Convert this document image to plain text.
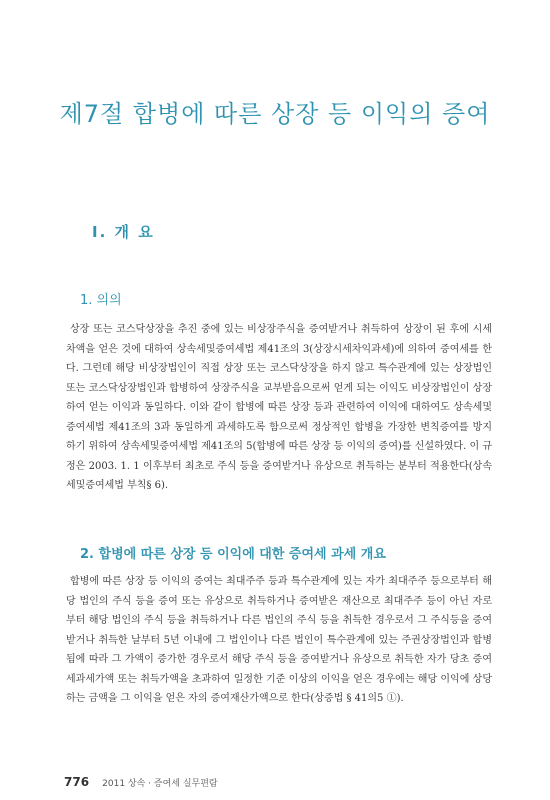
제7절 합병에 따른 상장 등 이익의 증여
Ⅰ. 개 요
1. 의의

상장 또는 코스닥상장을 추진 중에 있는 비상장주식을 증여받거나 취득하여 상장이 된 후에 시세차액을 얻은 것에 대하여 상속세및증여세법 제41조의 3(상장시세차익과세)에 의하여 증여세를 한다. 그런데 해당 비상장법인이 직접 상장 또는 코스닥상장을 하지 않고 특수관계에 있는 상장법인 또는 코스닥상장법인과 합병하여 상장주식을 교부받음으로써 얻게 되는 이익도 비상장법인이 상장하여 얻는 이익과 동일하다. 이와 같이 합병에 따른 상장 등과 관련하여 이익에 대하여도 상속세및증여세법 제41조의 3과 동일하게 과세하도록 함으로써 정상적인 합병을 가장한 변칙증여를 방지하기 위하여 상속세및증여세법 제41조의 5(합병에 따른 상장 등 이익의 증여)를 신설하였다. 이 규정은 2003. 1. 1 이후부터 최초로 주식 등을 증여받거나 유상으로 취득하는 분부터 적용한다(상속세및증여세법 부칙§ 6).

2. 합병에 따른 상장 등 이익에 대한 증여세 과세 개요

합병에 따른 상장 등 이익의 증여는 최대주주 등과 특수관계에 있는 자가 최대주주 등으로부터 해당 법인의 주식 등을 증여 또는 유상으로 취득하거나 증여받은 재산으로 최대주주 등이 아닌 자로부터 해당 법인의 주식 등을 취득하거나 다른 법인의 주식 등을 취득한 경우로서 그 주식등을 증여받거나 취득한 날부터 5년 이내에 그 법인이나 다른 법인이 특수관계에 있는 주권상장법인과 합병됨에 따라 그 가액이 증가한 경우로서 해당 주식 등을 증여받거나 유상으로 취득한 자가 당초 증여세과세가액 또는 취득가액을 초과하여 일정한 기준 이상의 이익을 얻은 경우에는 해당 이익에 상당하는 금액을 그 이익을 얻은 자의 증여재산가액으로 한다(상증법 § 41의5 ①).

776 2011 상속 · 증여세 실무편람
